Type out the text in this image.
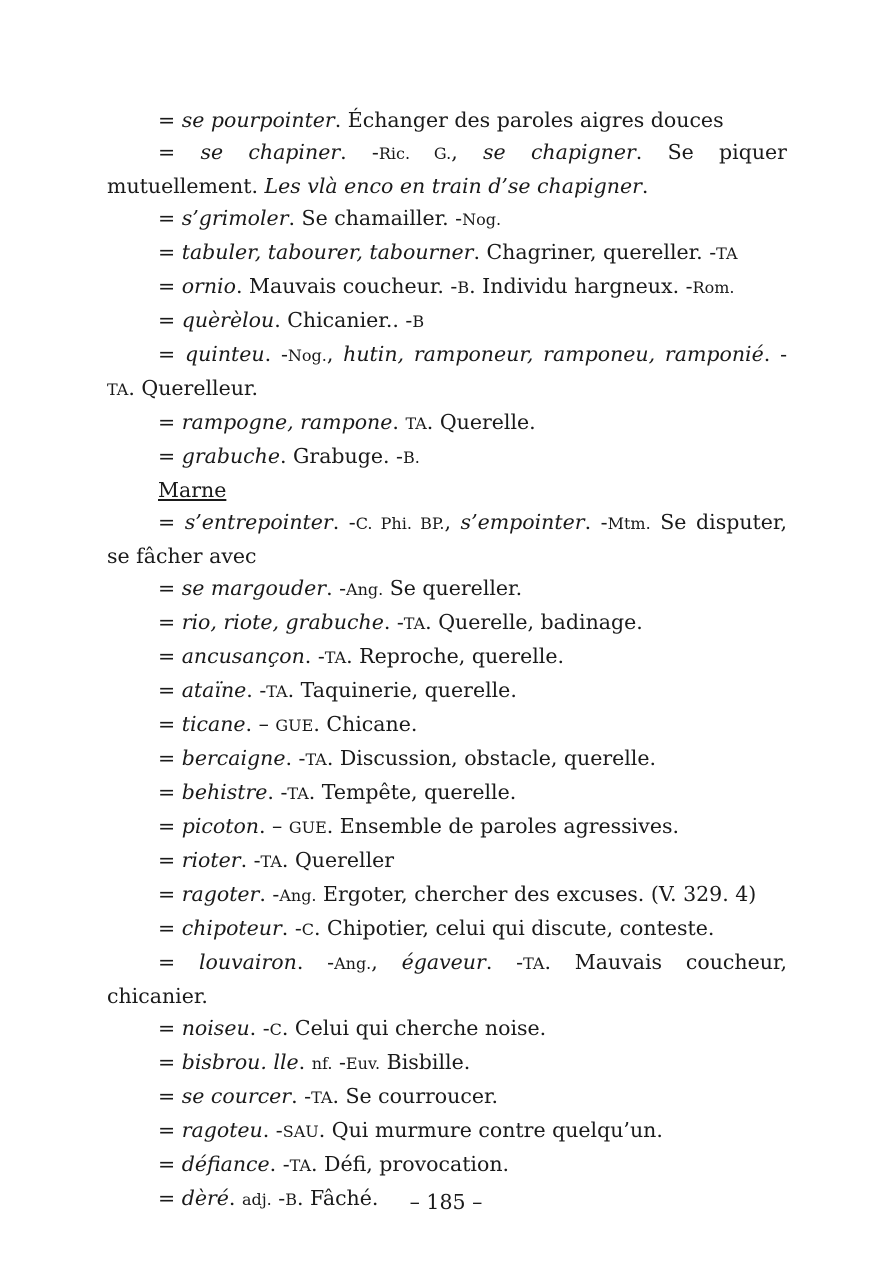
= se pourpointer. Échanger des paroles aigres douces

= se chapiner. -Ric. G., se chapigner. Se piquer mutuellement. Les vlà enco en train d’se chapigner.

= s’grimoler. Se chamailler. -Nog.

= tabuler, tabourer, tabourner. Chagriner, quereller. -TA

= ornio. Mauvais coucheur. -B. Individu hargneux. -Rom.

= quèrèlou. Chicanier.. -B

= quinteu. -Nog., hutin, ramponeur, ramponeu, ramponié. -TA. Querelleur.

= rampogne, rampone. TA. Querelle.

= grabuche. Grabuge. -B.

Marne

= s’entrepointer. -C. Phi. BP., s’empointer. -Mtm. Se disputer, se fâcher avec

= se margouder. -Ang. Se quereller.

= rio, riote, grabuche. -TA. Querelle, badinage.

= ancusançon. -TA. Reproche, querelle.

= ataïne. -TA. Taquinerie, querelle.

= ticane. – GUE. Chicane.

= bercaigne. -TA. Discussion, obstacle, querelle.

= behistre. -TA. Tempête, querelle.

= picoton. – GUE. Ensemble de paroles agressives.

= rioter. -TA. Quereller

= ragoter. -Ang. Ergoter, chercher des excuses. (V. 329. 4)

= chipoteur. -C. Chipotier, celui qui discute, conteste.

= louvairon. -Ang., égaveur. -TA. Mauvais coucheur, chicanier.

= noiseu. -C. Celui qui cherche noise.

= bisbrou. lle. nf. -Euv. Bisbille.

= se courcer. -TA. Se courroucer.

= ragoteu. -SAU. Qui murmure contre quelqu’un.

= défiance. -TA. Défi, provocation.

= dèré. adj. -B. Fâché.	– 185 –
